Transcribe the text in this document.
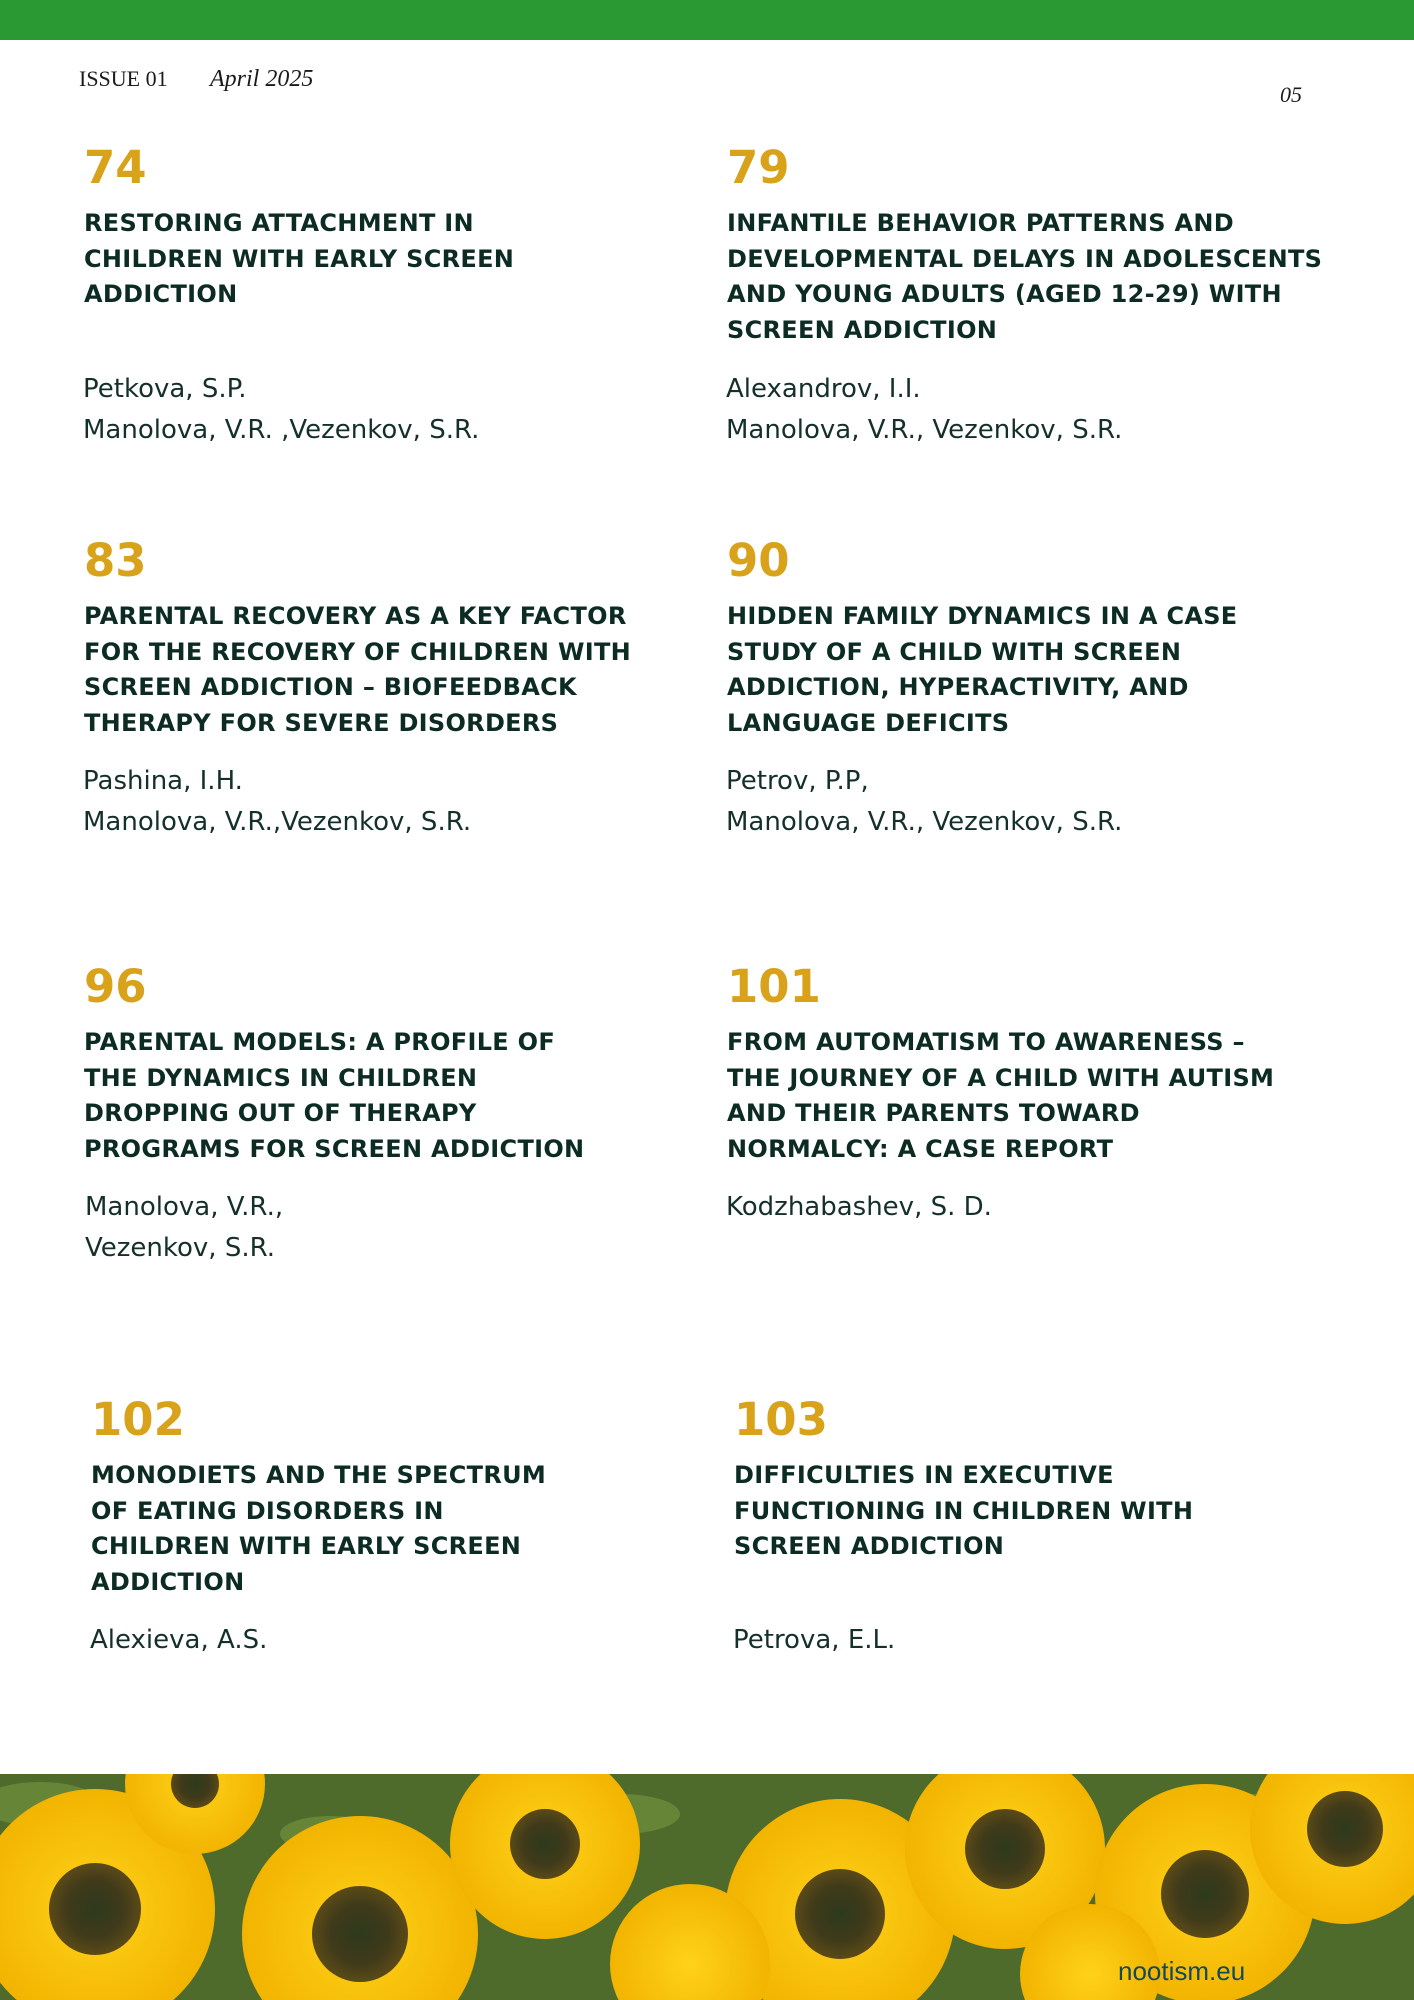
ISSUE 01 April 2025
05
74
RESTORING ATTACHMENT IN CHILDREN WITH EARLY SCREEN ADDICTION
Petkova, S.P.
Manolova, V.R. ,Vezenkov, S.R.
79
INFANTILE BEHAVIOR PATTERNS AND DEVELOPMENTAL DELAYS IN ADOLESCENTS AND YOUNG ADULTS (AGED 12-29) WITH SCREEN ADDICTION
Alexandrov, I.I.
Manolova, V.R., Vezenkov, S.R.
83
PARENTAL RECOVERY AS A KEY FACTOR FOR THE RECOVERY OF CHILDREN WITH SCREEN ADDICTION – BIOFEEDBACK THERAPY FOR SEVERE DISORDERS
Pashina, I.H.
Manolova, V.R.,Vezenkov, S.R.
90
HIDDEN FAMILY DYNAMICS IN A CASE STUDY OF A CHILD WITH SCREEN ADDICTION, HYPERACTIVITY, AND LANGUAGE DEFICITS
Petrov, P.P,
Manolova, V.R., Vezenkov, S.R.
96
PARENTAL MODELS: A PROFILE OF THE DYNAMICS IN CHILDREN DROPPING OUT OF THERAPY PROGRAMS FOR SCREEN ADDICTION
Manolova, V.R.,
Vezenkov, S.R.
101
FROM AUTOMATISM TO AWARENESS – THE JOURNEY OF A CHILD WITH AUTISM AND THEIR PARENTS TOWARD NORMALCY: A CASE REPORT
Kodzhabashev, S. D.
102
MONODIETS AND THE SPECTRUM OF EATING DISORDERS IN CHILDREN WITH EARLY SCREEN ADDICTION
Alexieva, A.S.
103
DIFFICULTIES IN EXECUTIVE FUNCTIONING IN CHILDREN WITH SCREEN ADDICTION
Petrova, E.L.
nootism.eu
